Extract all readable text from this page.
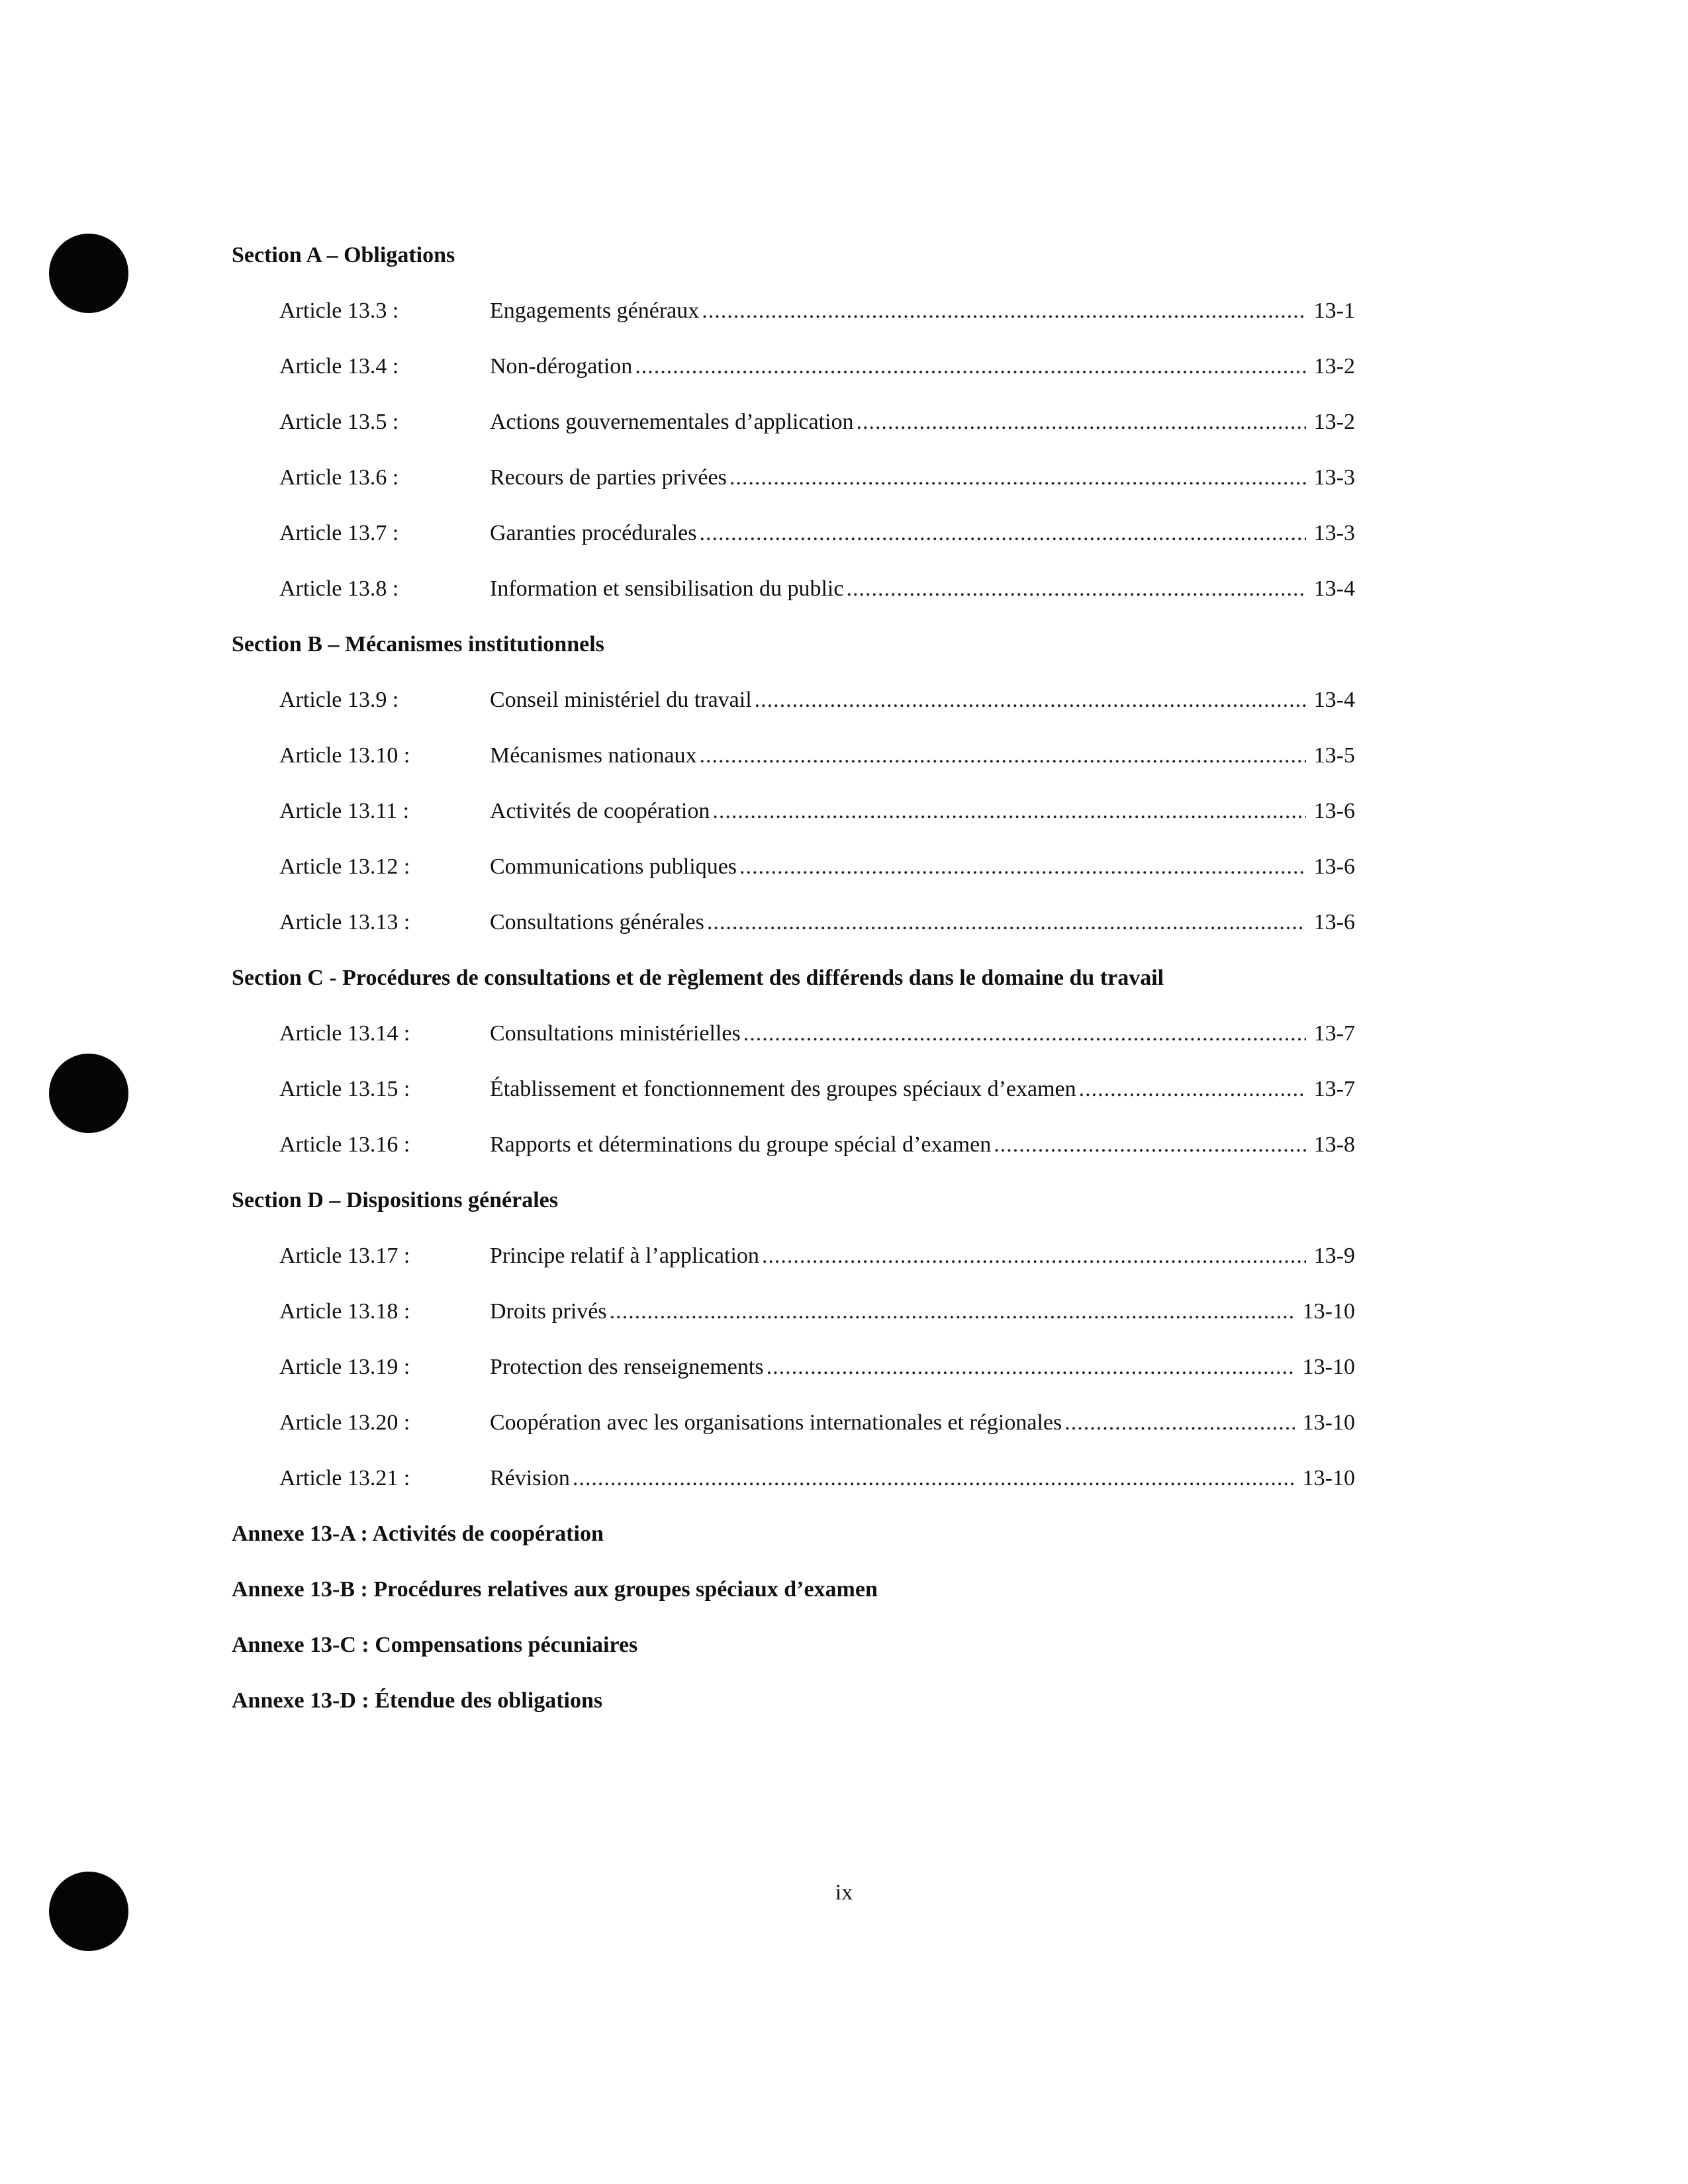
Section A – Obligations
Article 13.3 :	Engagements généraux .....	13-1
Article 13.4 :	Non-dérogation .....	13-2
Article 13.5 :	Actions gouvernementales d’application .....	13-2
Article 13.6 :	Recours de parties privées .....	13-3
Article 13.7 :	Garanties procédurales .....	13-3
Article 13.8 :	Information et sensibilisation du public .....	13-4
Section B – Mécanismes institutionnels
Article 13.9 :	Conseil ministériel du travail .....	13-4
Article 13.10 :	Mécanismes nationaux .....	13-5
Article 13.11 :	Activités de coopération .....	13-6
Article 13.12 :	Communications publiques .....	13-6
Article 13.13 :	Consultations générales .....	13-6
Section C - Procédures de consultations et de règlement des différends dans le domaine du travail
Article 13.14 :	Consultations ministérielles .....	13-7
Article 13.15 :	Établissement et fonctionnement des groupes spéciaux d’examen .....	13-7
Article 13.16 :	Rapports et déterminations du groupe spécial d’examen .....	13-8
Section D – Dispositions générales
Article 13.17 :	Principe relatif à l’application .....	13-9
Article 13.18 :	Droits privés .....	13-10
Article 13.19 :	Protection des renseignements .....	13-10
Article 13.20 :	Coopération avec les organisations internationales et régionales .....	13-10
Article 13.21 :	Révision .....	13-10
Annexe 13-A : Activités de coopération
Annexe 13-B : Procédures relatives aux groupes spéciaux d’examen
Annexe 13-C : Compensations pécuniaires
Annexe 13-D : Étendue des obligations
ix
